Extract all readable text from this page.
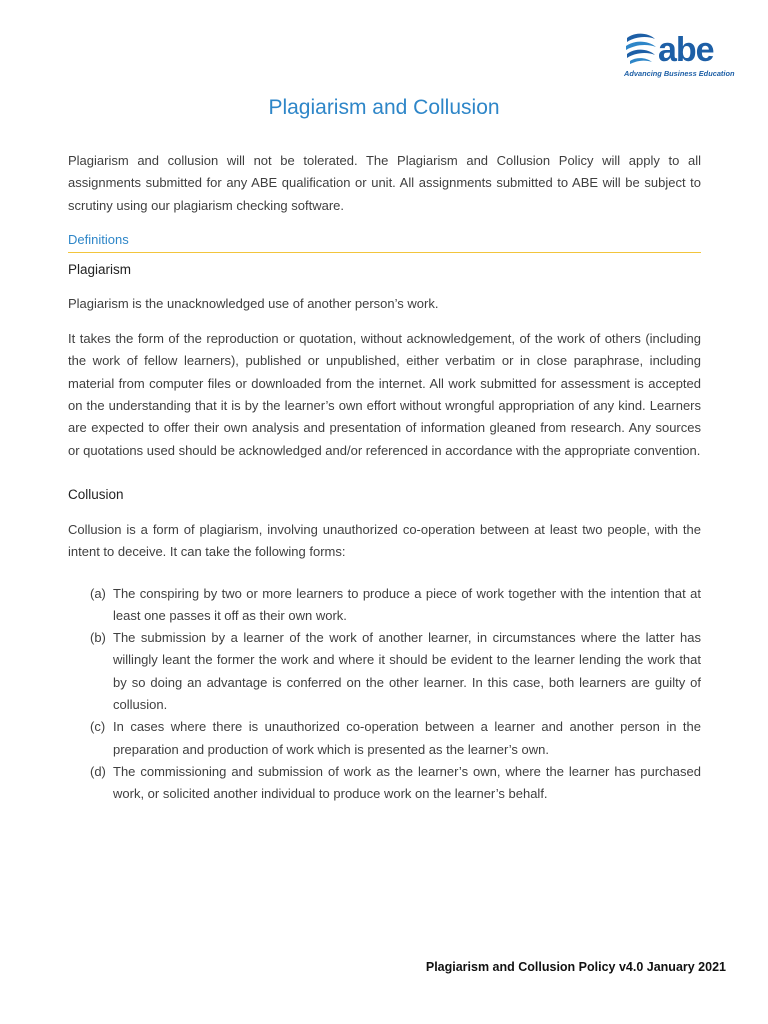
abe
Advancing Business Education
Plagiarism and Collusion

Plagiarism and collusion will not be tolerated. The Plagiarism and Collusion Policy will apply to all assignments submitted for any ABE qualification or unit. All assignments submitted to ABE will be subject to scrutiny using our plagiarism checking software.

Definitions
Plagiarism

Plagiarism is the unacknowledged use of another person’s work.

It takes the form of the reproduction or quotation, without acknowledgement, of the work of others (including the work of fellow learners), published or unpublished, either verbatim or in close paraphrase, including material from computer files or downloaded from the internet. All work submitted for assessment is accepted on the understanding that it is by the learner’s own effort without wrongful appropriation of any kind. Learners are expected to offer their own analysis and presentation of information gleaned from research. Any sources or quotations used should be acknowledged and/or referenced in accordance with the appropriate convention.

Collusion

Collusion is a form of plagiarism, involving unauthorized co-operation between at least two people, with the intent to deceive. It can take the following forms:

(a) The conspiring by two or more learners to produce a piece of work together with the intention that at least one passes it off as their own work.
(b) The submission by a learner of the work of another learner, in circumstances where the latter has willingly leant the former the work and where it should be evident to the learner lending the work that by so doing an advantage is conferred on the other learner. In this case, both learners are guilty of collusion.
(c) In cases where there is unauthorized co-operation between a learner and another person in the preparation and production of work which is presented as the learner’s own.
(d) The commissioning and submission of work as the learner’s own, where the learner has purchased work, or solicited another individual to produce work on the learner’s behalf.
Plagiarism and Collusion Policy v4.0 January 2021
